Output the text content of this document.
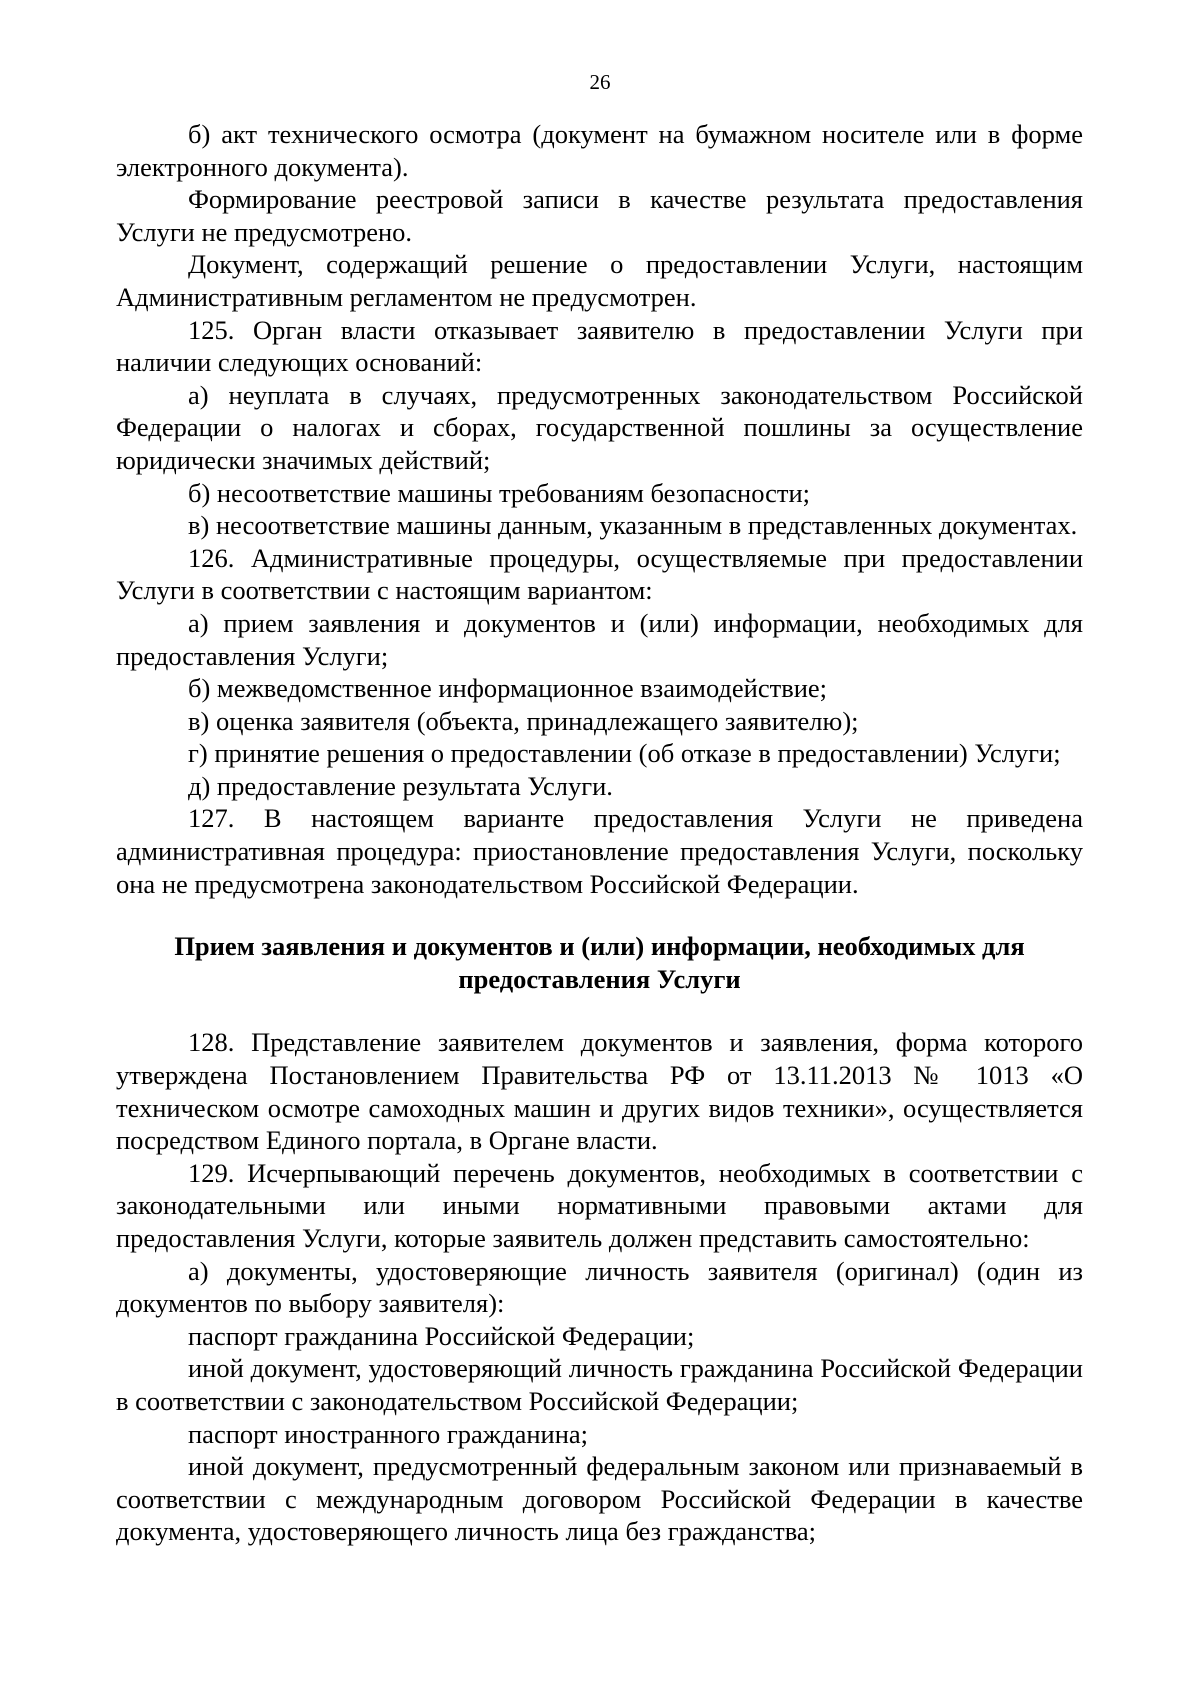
26

б) акт технического осмотра (документ на бумажном носителе или в форме электронного документа).

Формирование реестровой записи в качестве результата предоставления Услуги не предусмотрено.

Документ, содержащий решение о предоставлении Услуги, настоящим Административным регламентом не предусмотрен.

125. Орган власти отказывает заявителю в предоставлении Услуги при наличии следующих оснований:

а) неуплата в случаях, предусмотренных законодательством Российской Федерации о налогах и сборах, государственной пошлины за осуществление юридически значимых действий;

б) несоответствие машины требованиям безопасности;

в) несоответствие машины данным, указанным в представленных документах.

126. Административные процедуры, осуществляемые при предоставлении Услуги в соответствии с настоящим вариантом:

а) прием заявления и документов и (или) информации, необходимых для предоставления Услуги;

б) межведомственное информационное взаимодействие;

в) оценка заявителя (объекта, принадлежащего заявителю);

г) принятие решения о предоставлении (об отказе в предоставлении) Услуги;

д) предоставление результата Услуги.

127. В настоящем варианте предоставления Услуги не приведена административная процедура: приостановление предоставления Услуги, поскольку она не предусмотрена законодательством Российской Федерации.

Прием заявления и документов и (или) информации, необходимых для

предоставления Услуги

128. Представление заявителем документов и заявления, форма которого утверждена Постановлением Правительства РФ от 13.11.2013 № 1013 «О техническом осмотре самоходных машин и других видов техники», осуществляется посредством Единого портала, в Органе власти.

129. Исчерпывающий перечень документов, необходимых в соответствии с законодательными или иными нормативными правовыми актами для предоставления Услуги, которые заявитель должен представить самостоятельно:

а) документы, удостоверяющие личность заявителя (оригинал) (один из документов по выбору заявителя):

паспорт гражданина Российской Федерации;

иной документ, удостоверяющий личность гражданина Российской Федерации в соответствии с законодательством Российской Федерации;

паспорт иностранного гражданина;

иной документ, предусмотренный федеральным законом или признаваемый в соответствии с международным договором Российской Федерации в качестве документа, удостоверяющего личность лица без гражданства;
